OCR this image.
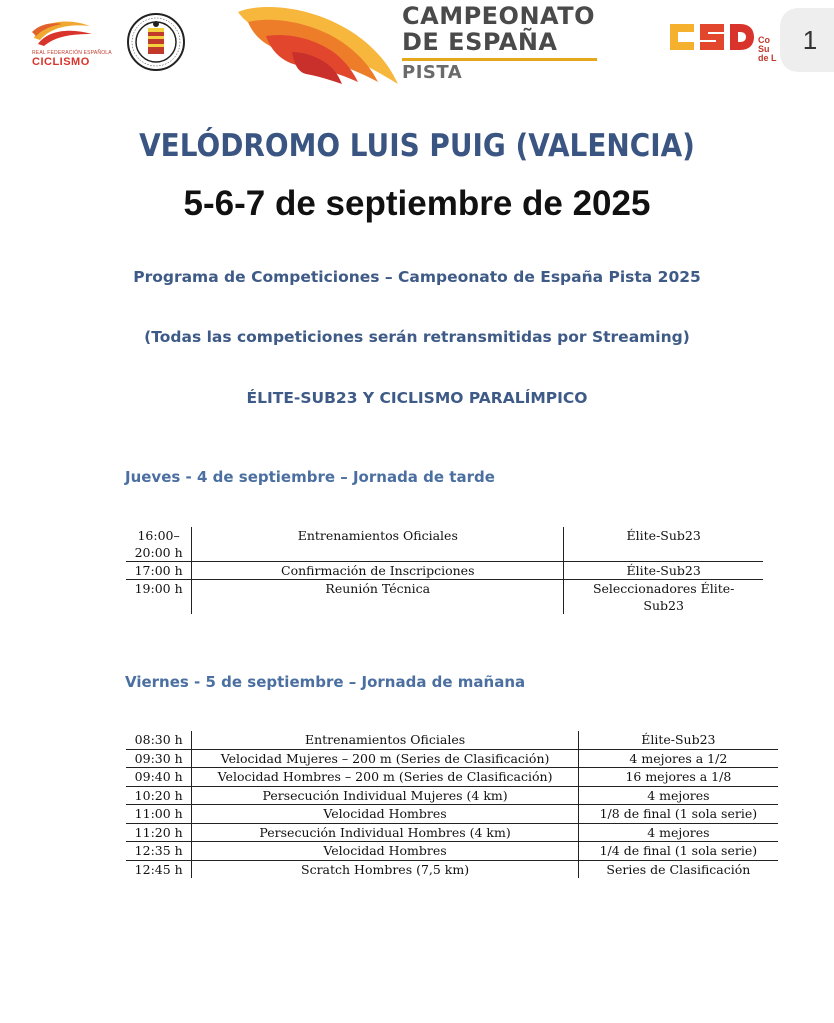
REAL FEDERACIÓN ESPAÑOLA
CICLISMO
CAMPEONATO
DE ESPAÑA
PISTA
Co
Su
de L
1
VELÓDROMO LUIS PUIG (VALENCIA)
5-6-7 de septiembre de 2025
Programa de Competiciones – Campeonato de España Pista 2025
(Todas las competiciones serán retransmitidas por Streaming)
ÉLITE-SUB23 Y CICLISMO PARALÍMPICO
Jueves - 4 de septiembre – Jornada de tarde
16:00–
20:00 h	Entrenamientos Oficiales	Élite-Sub23
17:00 h	Confirmación de Inscripciones	Élite-Sub23
19:00 h	Reunión Técnica	Seleccionadores Élite-
Sub23
Viernes - 5 de septiembre – Jornada de mañana
08:30 h	Entrenamientos Oficiales	Élite-Sub23
09:30 h	Velocidad Mujeres – 200 m (Series de Clasificación)	4 mejores a 1/2
09:40 h	Velocidad Hombres – 200 m (Series de Clasificación)	16 mejores a 1/8
10:20 h	Persecución Individual Mujeres (4 km)	4 mejores
11:00 h	Velocidad Hombres	1/8 de final (1 sola serie)
11:20 h	Persecución Individual Hombres (4 km)	4 mejores
12:35 h	Velocidad Hombres	1/4 de final (1 sola serie)
12:45 h	Scratch Hombres (7,5 km)	Series de Clasificación
